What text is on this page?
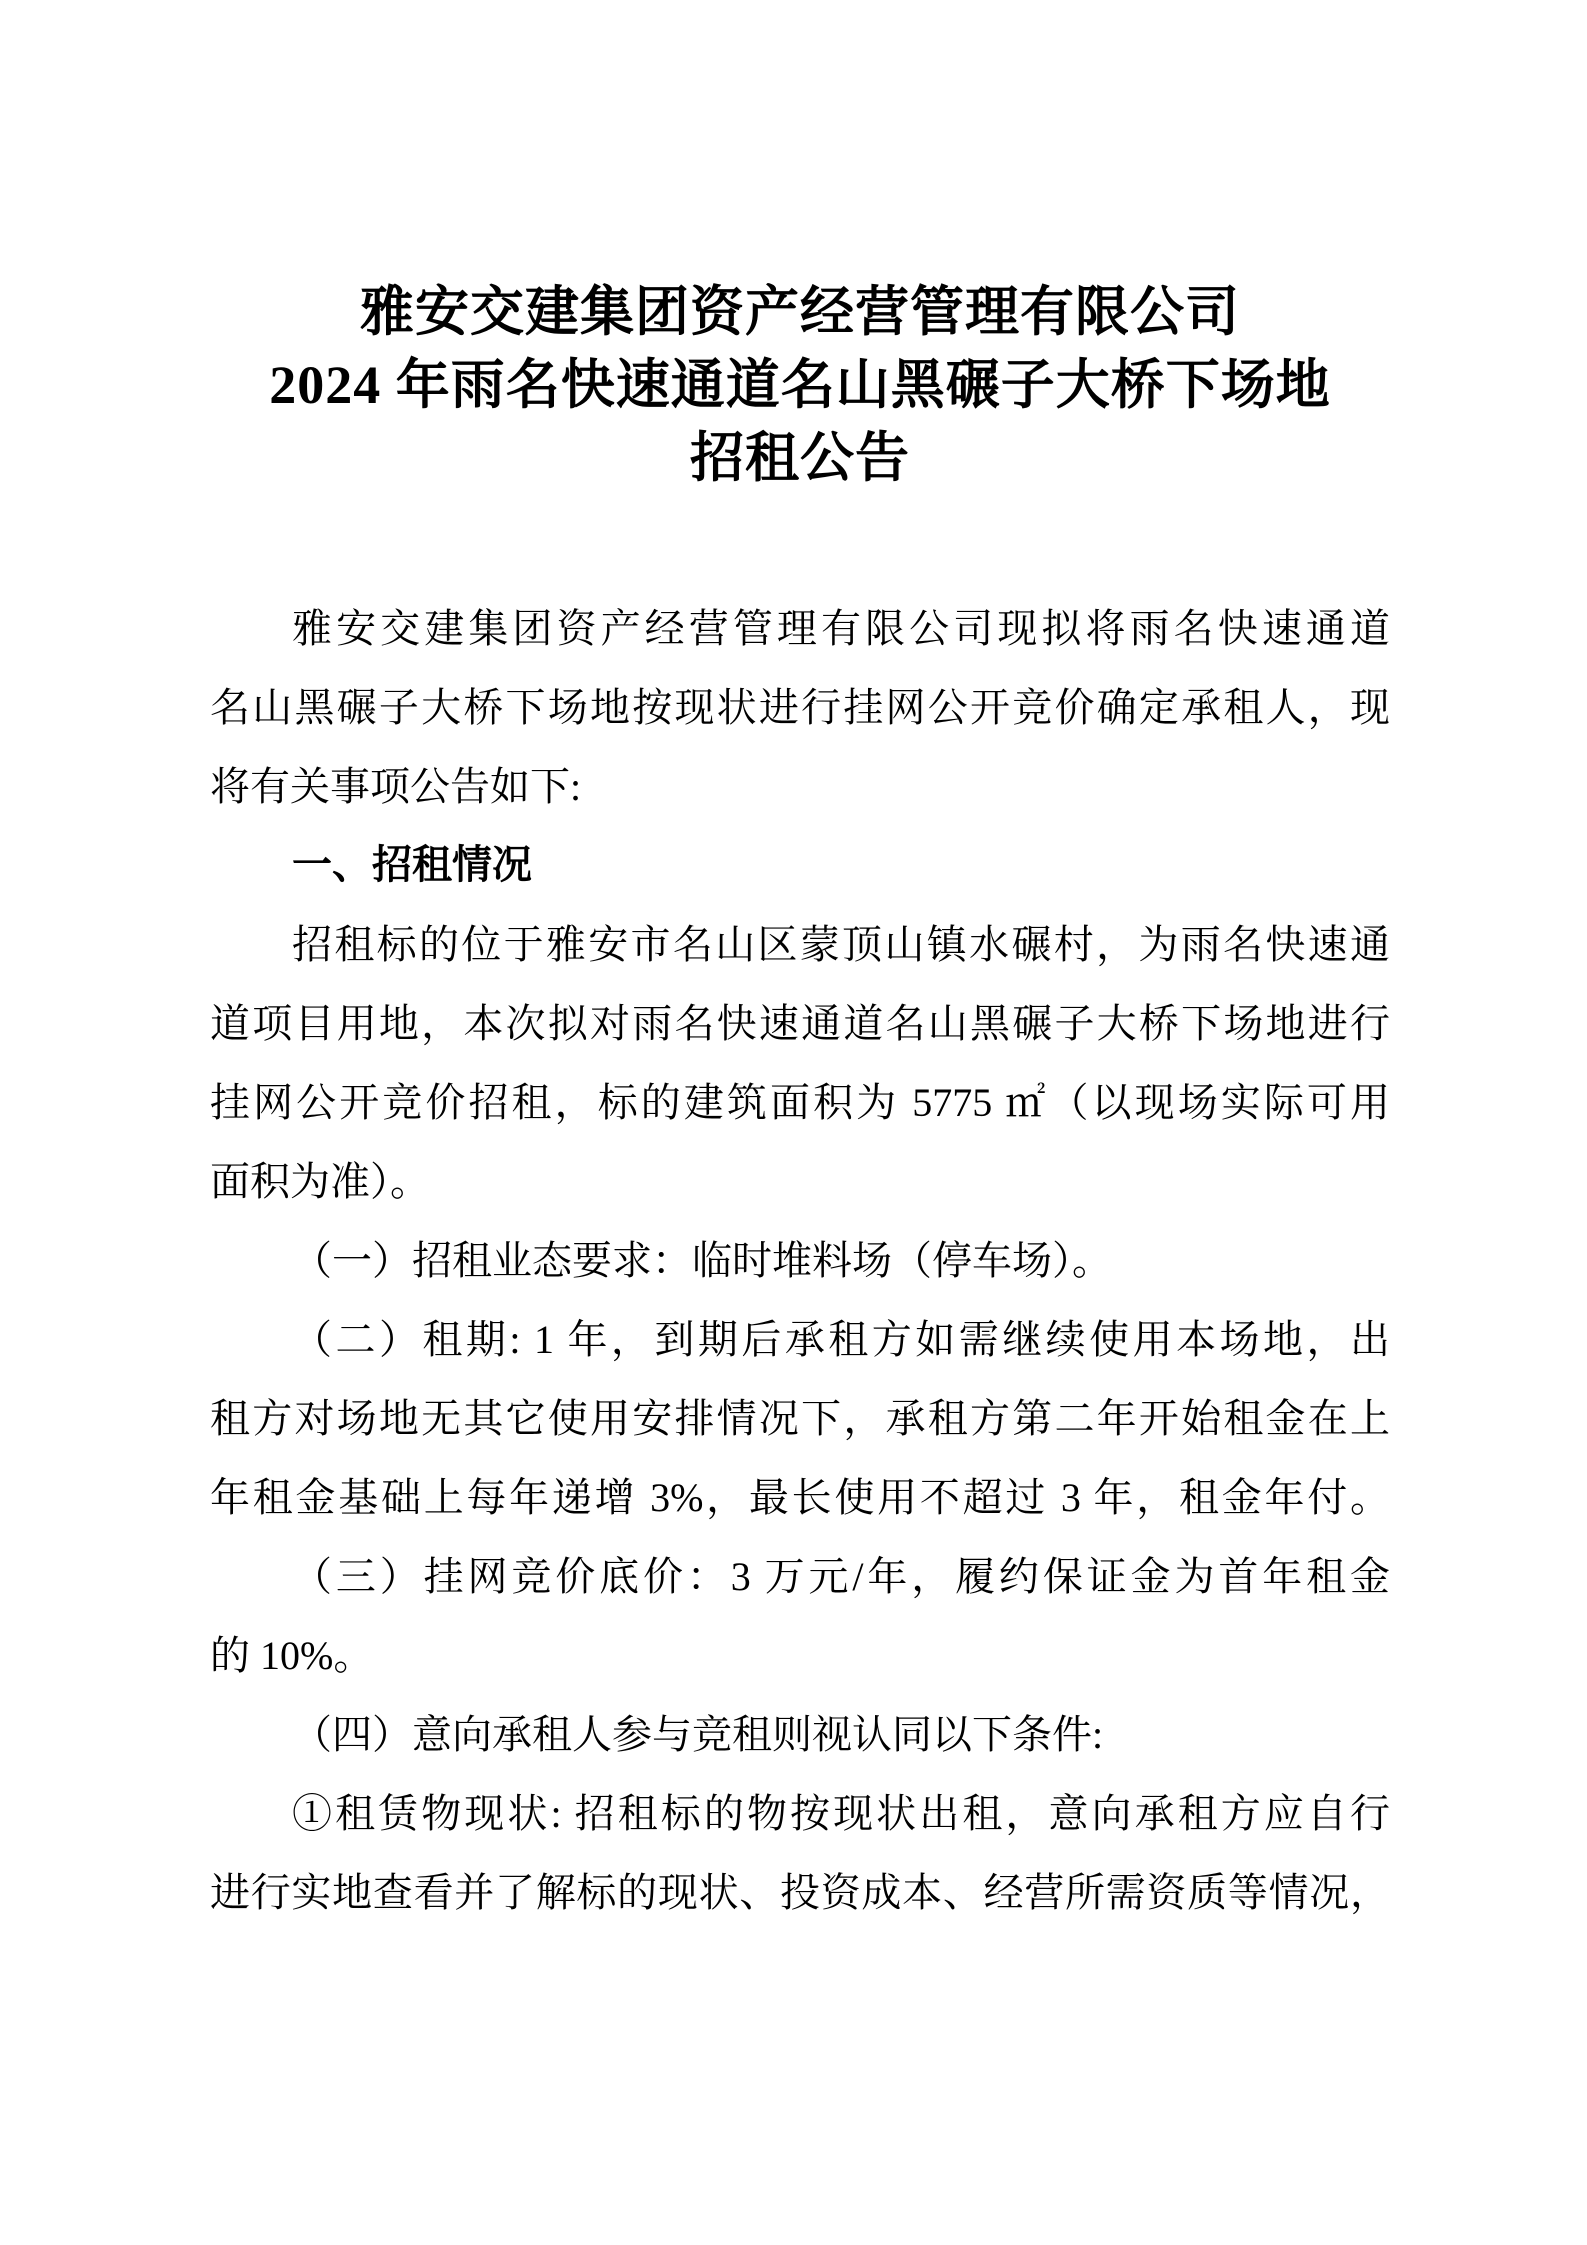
雅安交建集团资产经营管理有限公司
2024 年雨名快速通道名山黑碾子大桥下场地
招租公告
雅安交建集团资产经营管理有限公司现拟将雨名快速通道
名山黑碾子大桥下场地按现状进行挂网公开竞价确定承租人，现
将有关事项公告如下:
一、招租情况
招租标的位于雅安市名山区蒙顶山镇水碾村，为雨名快速通
道项目用地，本次拟对雨名快速通道名山黑碾子大桥下场地进行
挂网公开竞价招租，标的建筑面积为 5775 ㎡（以现场实际可用
面积为准）。
（一）招租业态要求：临时堆料场（停车场）。
（二）租期: 1 年，到期后承租方如需继续使用本场地，出
租方对场地无其它使用安排情况下，承租方第二年开始租金在上
年租金基础上每年递增 3%，最长使用不超过 3 年，租金年付。
（三）挂网竞价底价：3 万元/年，履约保证金为首年租金
的 10%。
（四）意向承租人参与竞租则视认同以下条件:
①租赁物现状: 招租标的物按现状出租，意向承租方应自行
进行实地查看并了解标的现状、投资成本、经营所需资质等情况，
